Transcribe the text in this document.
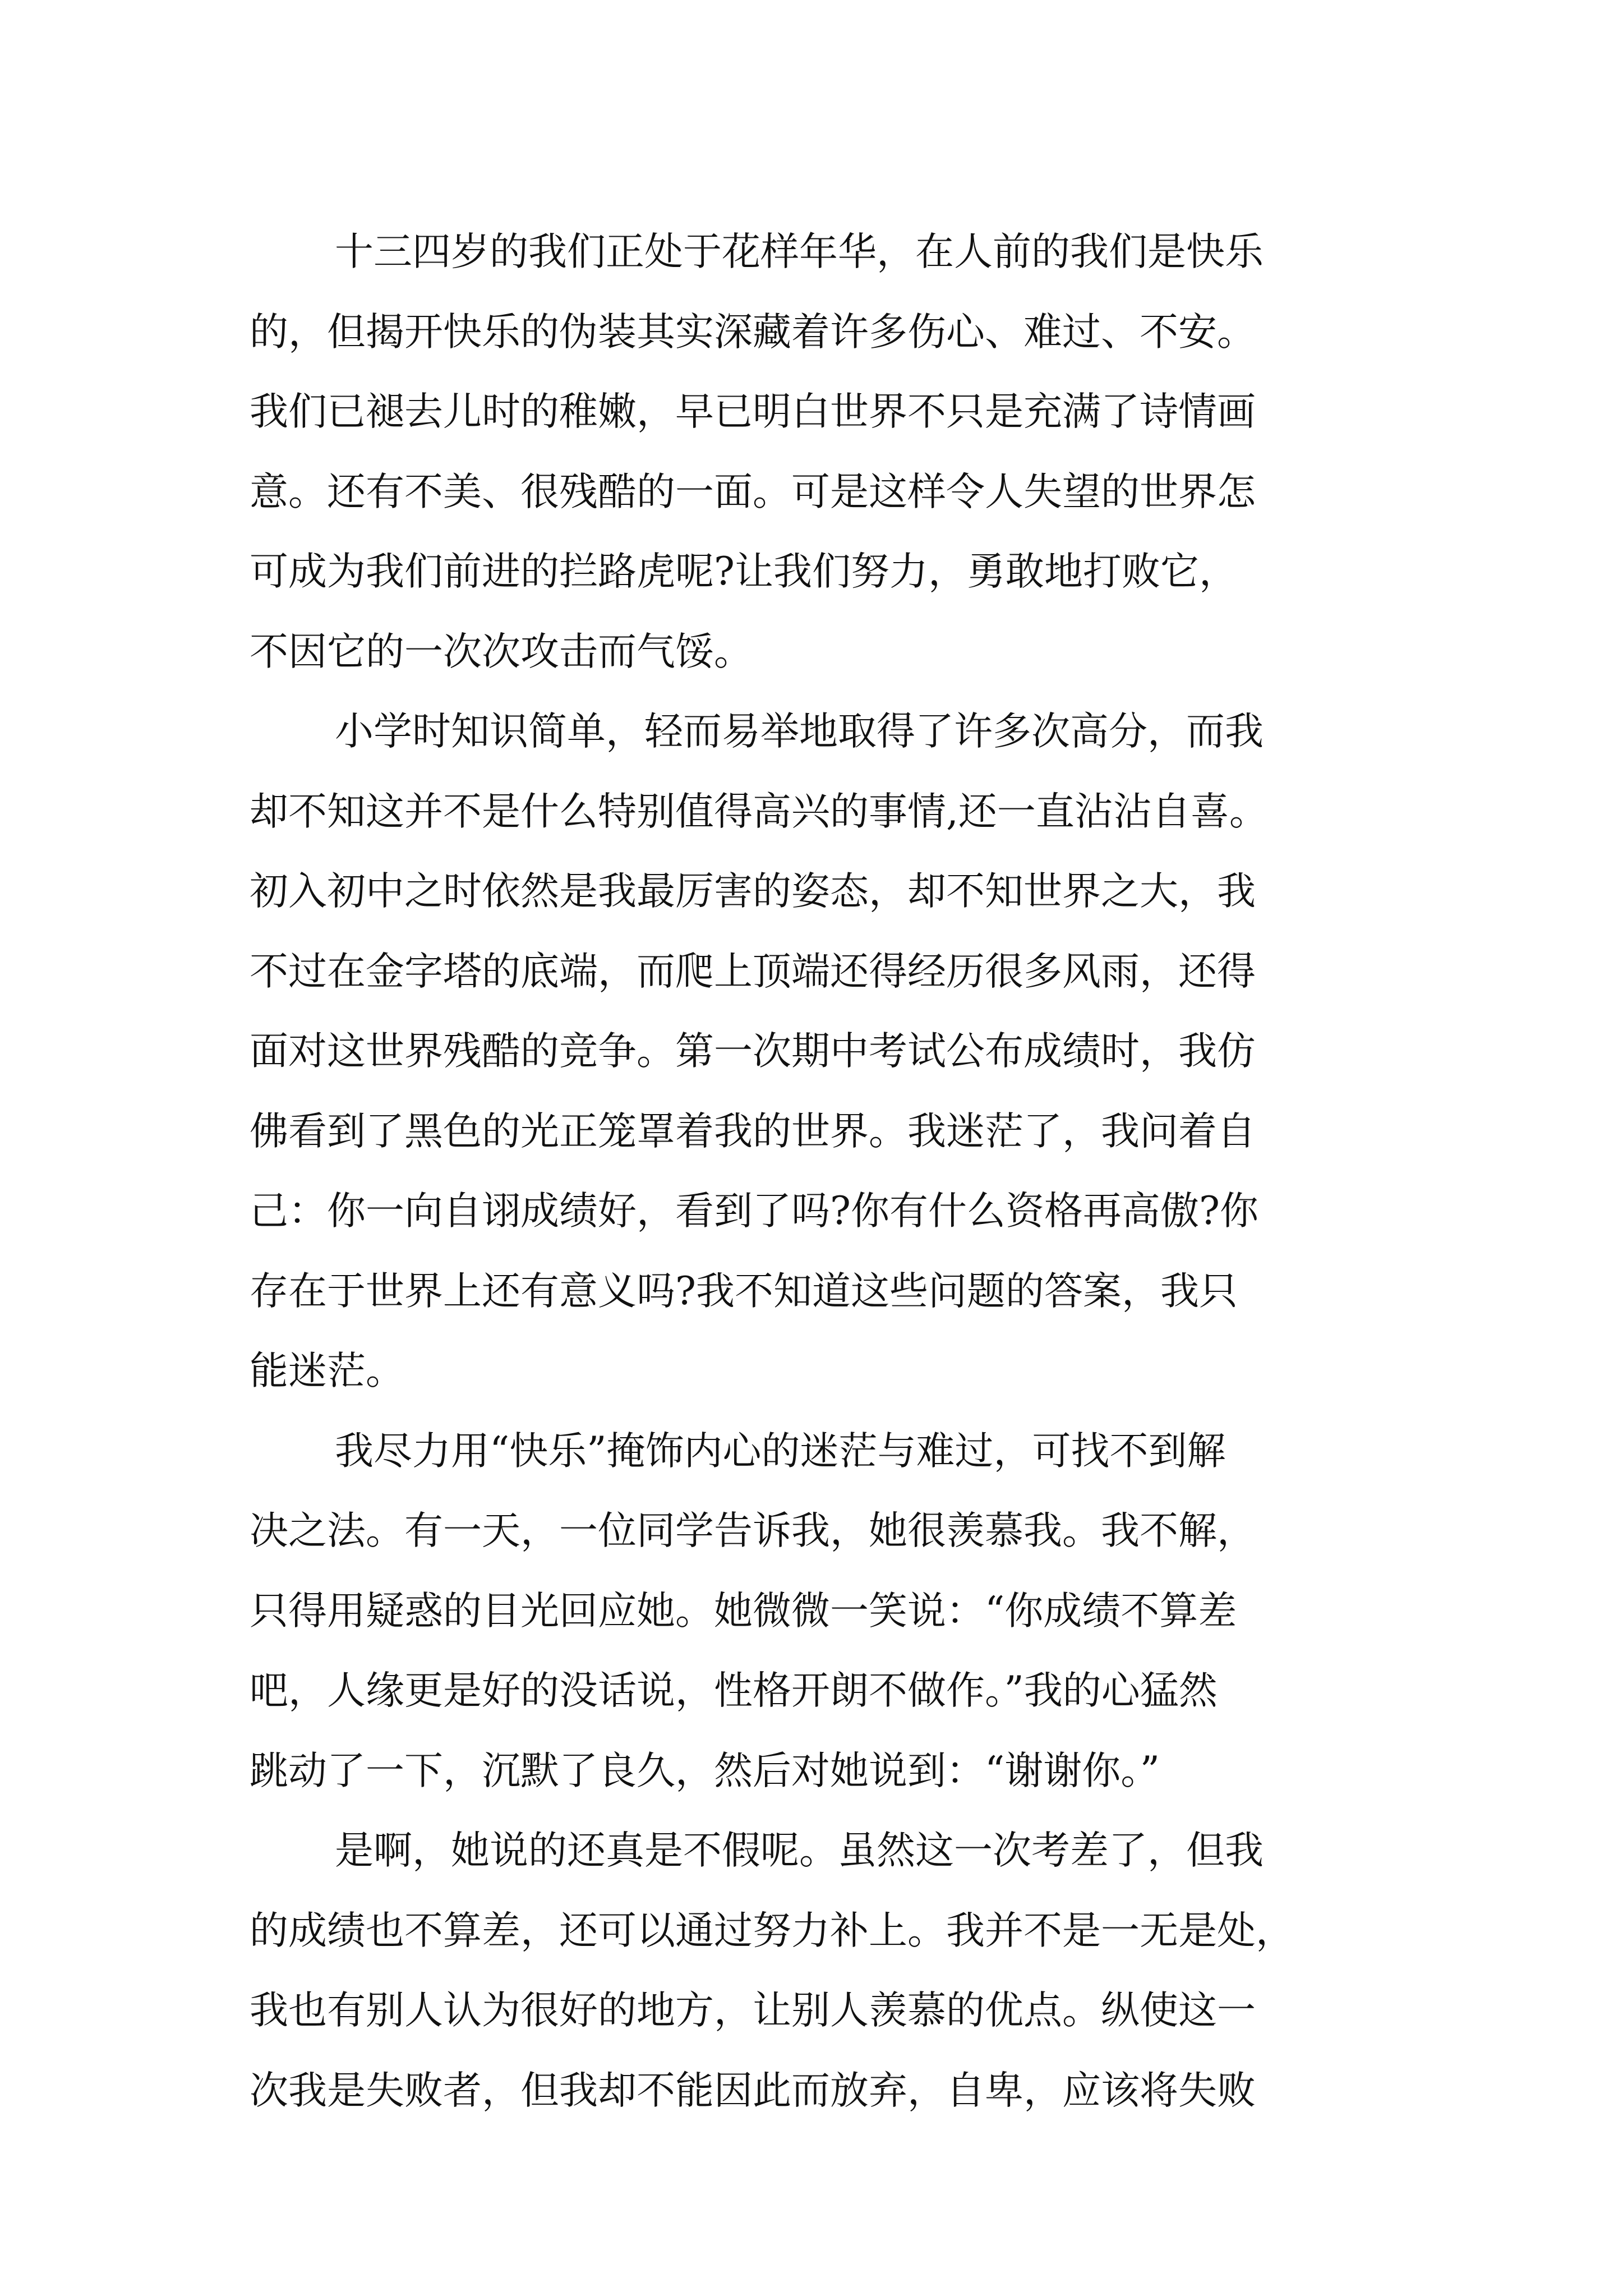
十三四岁的我们正处于花样年华，在人前的我们是快乐
的，但揭开快乐的伪装其实深藏着许多伤心、难过、不安。
我们已褪去儿时的稚嫩，早已明白世界不只是充满了诗情画
意。还有不美、很残酷的一面。可是这样令人失望的世界怎
可成为我们前进的拦路虎呢?让我们努力，勇敢地打败它，
不因它的一次次攻击而气馁。
小学时知识简单，轻而易举地取得了许多次高分，而我
却不知这并不是什么特别值得高兴的事情,还一直沾沾自喜。
初入初中之时依然是我最厉害的姿态，却不知世界之大，我
不过在金字塔的底端，而爬上顶端还得经历很多风雨，还得
面对这世界残酷的竞争。第一次期中考试公布成绩时，我仿
佛看到了黑色的光正笼罩着我的世界。我迷茫了，我问着自
己：你一向自诩成绩好，看到了吗?你有什么资格再高傲?你
存在于世界上还有意义吗?我不知道这些问题的答案，我只
能迷茫。
我尽力用“快乐”掩饰内心的迷茫与难过，可找不到解
决之法。有一天，一位同学告诉我，她很羡慕我。我不解，
只得用疑惑的目光回应她。她微微一笑说：“你成绩不算差
吧，人缘更是好的没话说，性格开朗不做作。”我的心猛然
跳动了一下，沉默了良久，然后对她说到：“谢谢你。”
是啊，她说的还真是不假呢。虽然这一次考差了，但我
的成绩也不算差，还可以通过努力补上。我并不是一无是处，
我也有别人认为很好的地方，让别人羡慕的优点。纵使这一
次我是失败者，但我却不能因此而放弃，自卑，应该将失败
